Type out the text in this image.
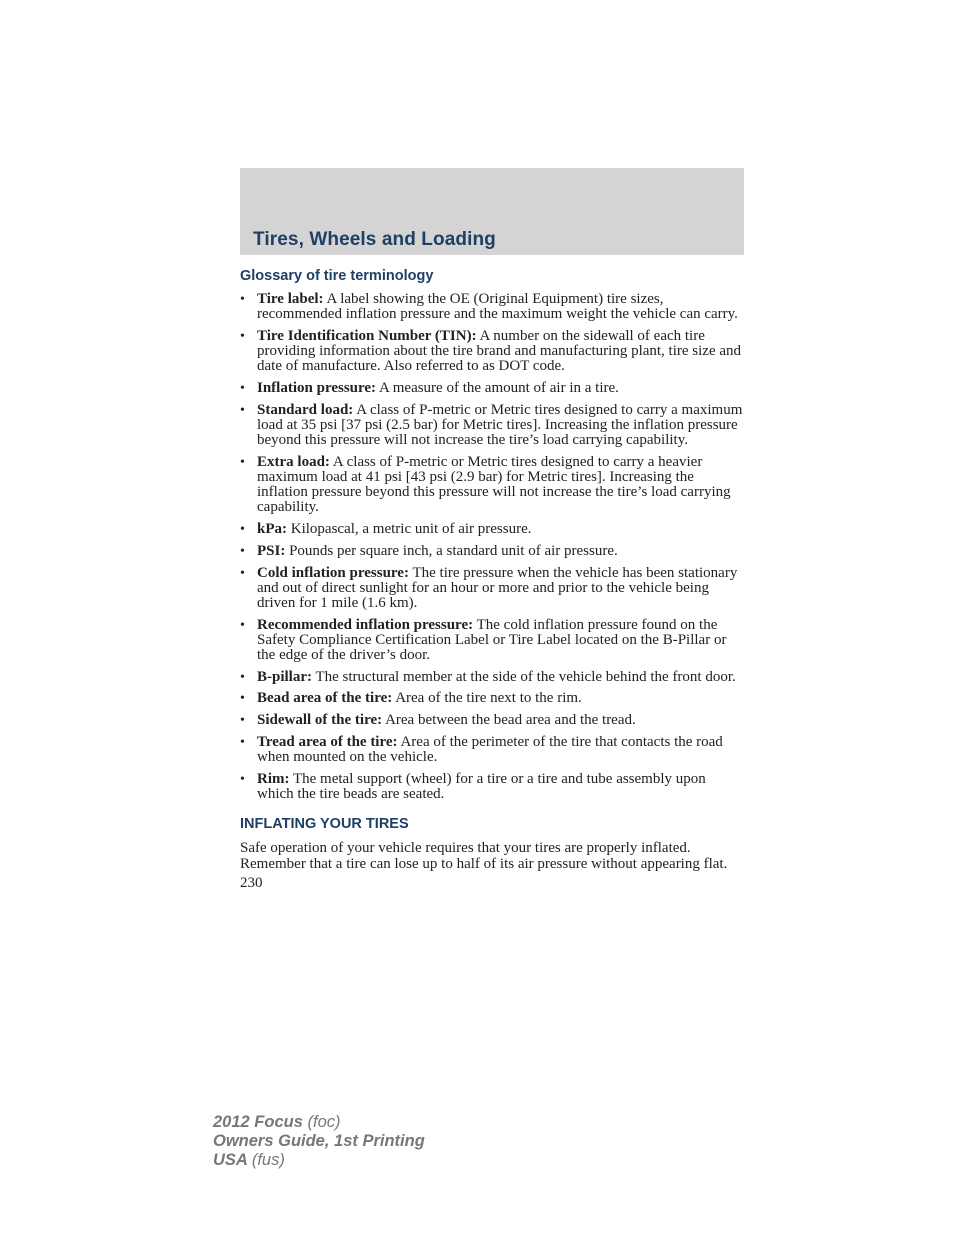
Tires, Wheels and Loading
Glossary of tire terminology
• Tire label: A label showing the OE (Original Equipment) tire sizes, recommended inflation pressure and the maximum weight the vehicle can carry.
• Tire Identification Number (TIN): A number on the sidewall of each tire providing information about the tire brand and manufacturing plant, tire size and date of manufacture. Also referred to as DOT code.
• Inflation pressure: A measure of the amount of air in a tire.
• Standard load: A class of P-metric or Metric tires designed to carry a maximum load at 35 psi [37 psi (2.5 bar) for Metric tires]. Increasing the inflation pressure beyond this pressure will not increase the tire’s load carrying capability.
• Extra load: A class of P-metric or Metric tires designed to carry a heavier maximum load at 41 psi [43 psi (2.9 bar) for Metric tires]. Increasing the inflation pressure beyond this pressure will not increase the tire’s load carrying capability.
• kPa: Kilopascal, a metric unit of air pressure.
• PSI: Pounds per square inch, a standard unit of air pressure.
• Cold inflation pressure: The tire pressure when the vehicle has been stationary and out of direct sunlight for an hour or more and prior to the vehicle being driven for 1 mile (1.6 km).
• Recommended inflation pressure: The cold inflation pressure found on the Safety Compliance Certification Label or Tire Label located on the B-Pillar or the edge of the driver’s door.
• B-pillar: The structural member at the side of the vehicle behind the front door.
• Bead area of the tire: Area of the tire next to the rim.
• Sidewall of the tire: Area between the bead area and the tread.
• Tread area of the tire: Area of the perimeter of the tire that contacts the road when mounted on the vehicle.
• Rim: The metal support (wheel) for a tire or a tire and tube assembly upon which the tire beads are seated.
INFLATING YOUR TIRES

Safe operation of your vehicle requires that your tires are properly inflated. Remember that a tire can lose up to half of its air pressure without appearing flat.

230
2012 Focus (foc)
Owners Guide, 1st Printing
USA (fus)
